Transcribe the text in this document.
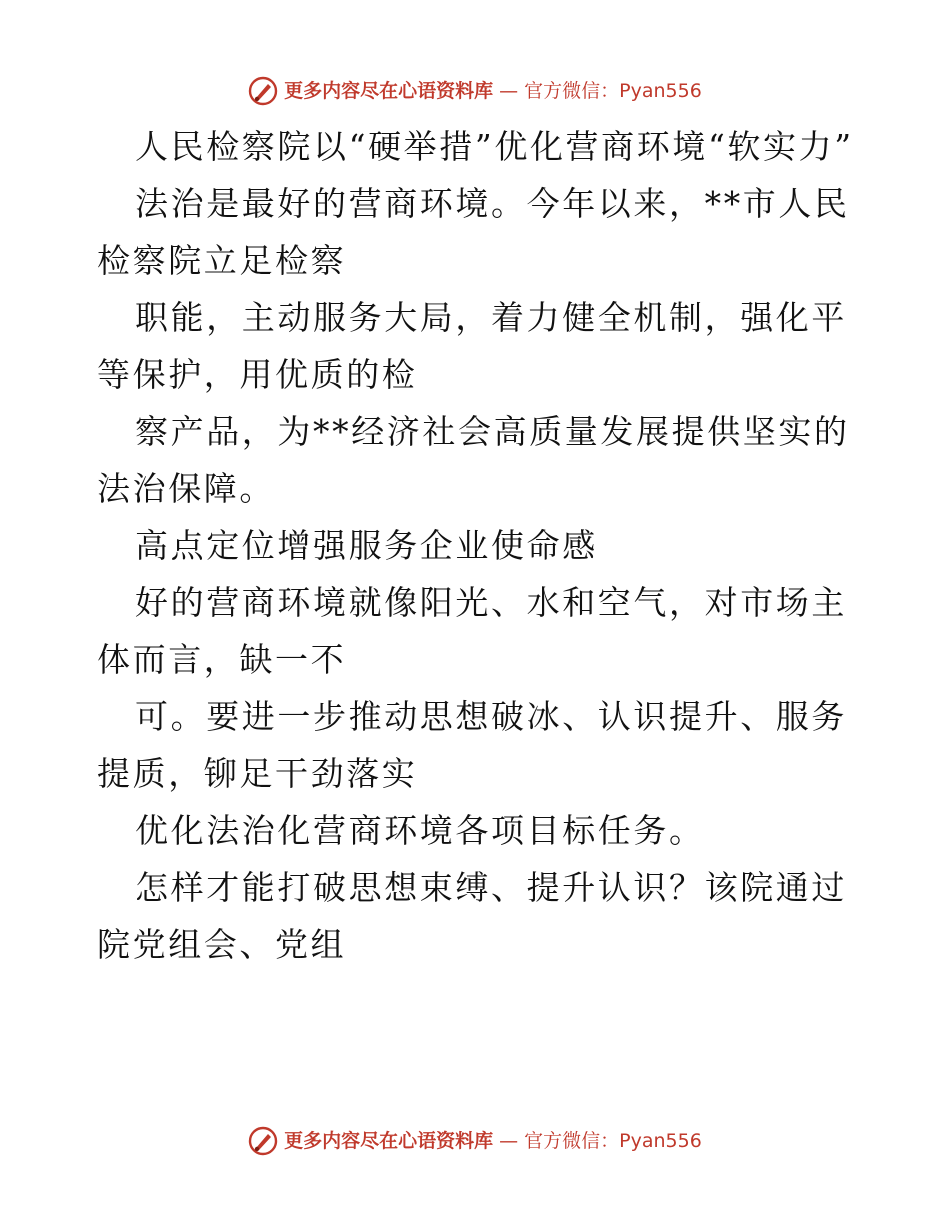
更多内容尽在心语资料库 — 官方微信：Pyan556

人民检察院以“硬举措”优化营商环境“软实力”

法治是最好的营商环境。今年以来，**市人民检察院立足检察

职能，主动服务大局，着力健全机制，强化平等保护，用优质的检

察产品，为**经济社会高质量发展提供坚实的法治保障。

高点定位增强服务企业使命感

好的营商环境就像阳光、水和空气，对市场主体而言，缺一不

可。要进一步推动思想破冰、认识提升、服务提质，铆足干劲落实

优化法治化营商环境各项目标任务。

怎样才能打破思想束缚、提升认识？该院通过院党组会、党组

更多内容尽在心语资料库 — 官方微信：Pyan556
